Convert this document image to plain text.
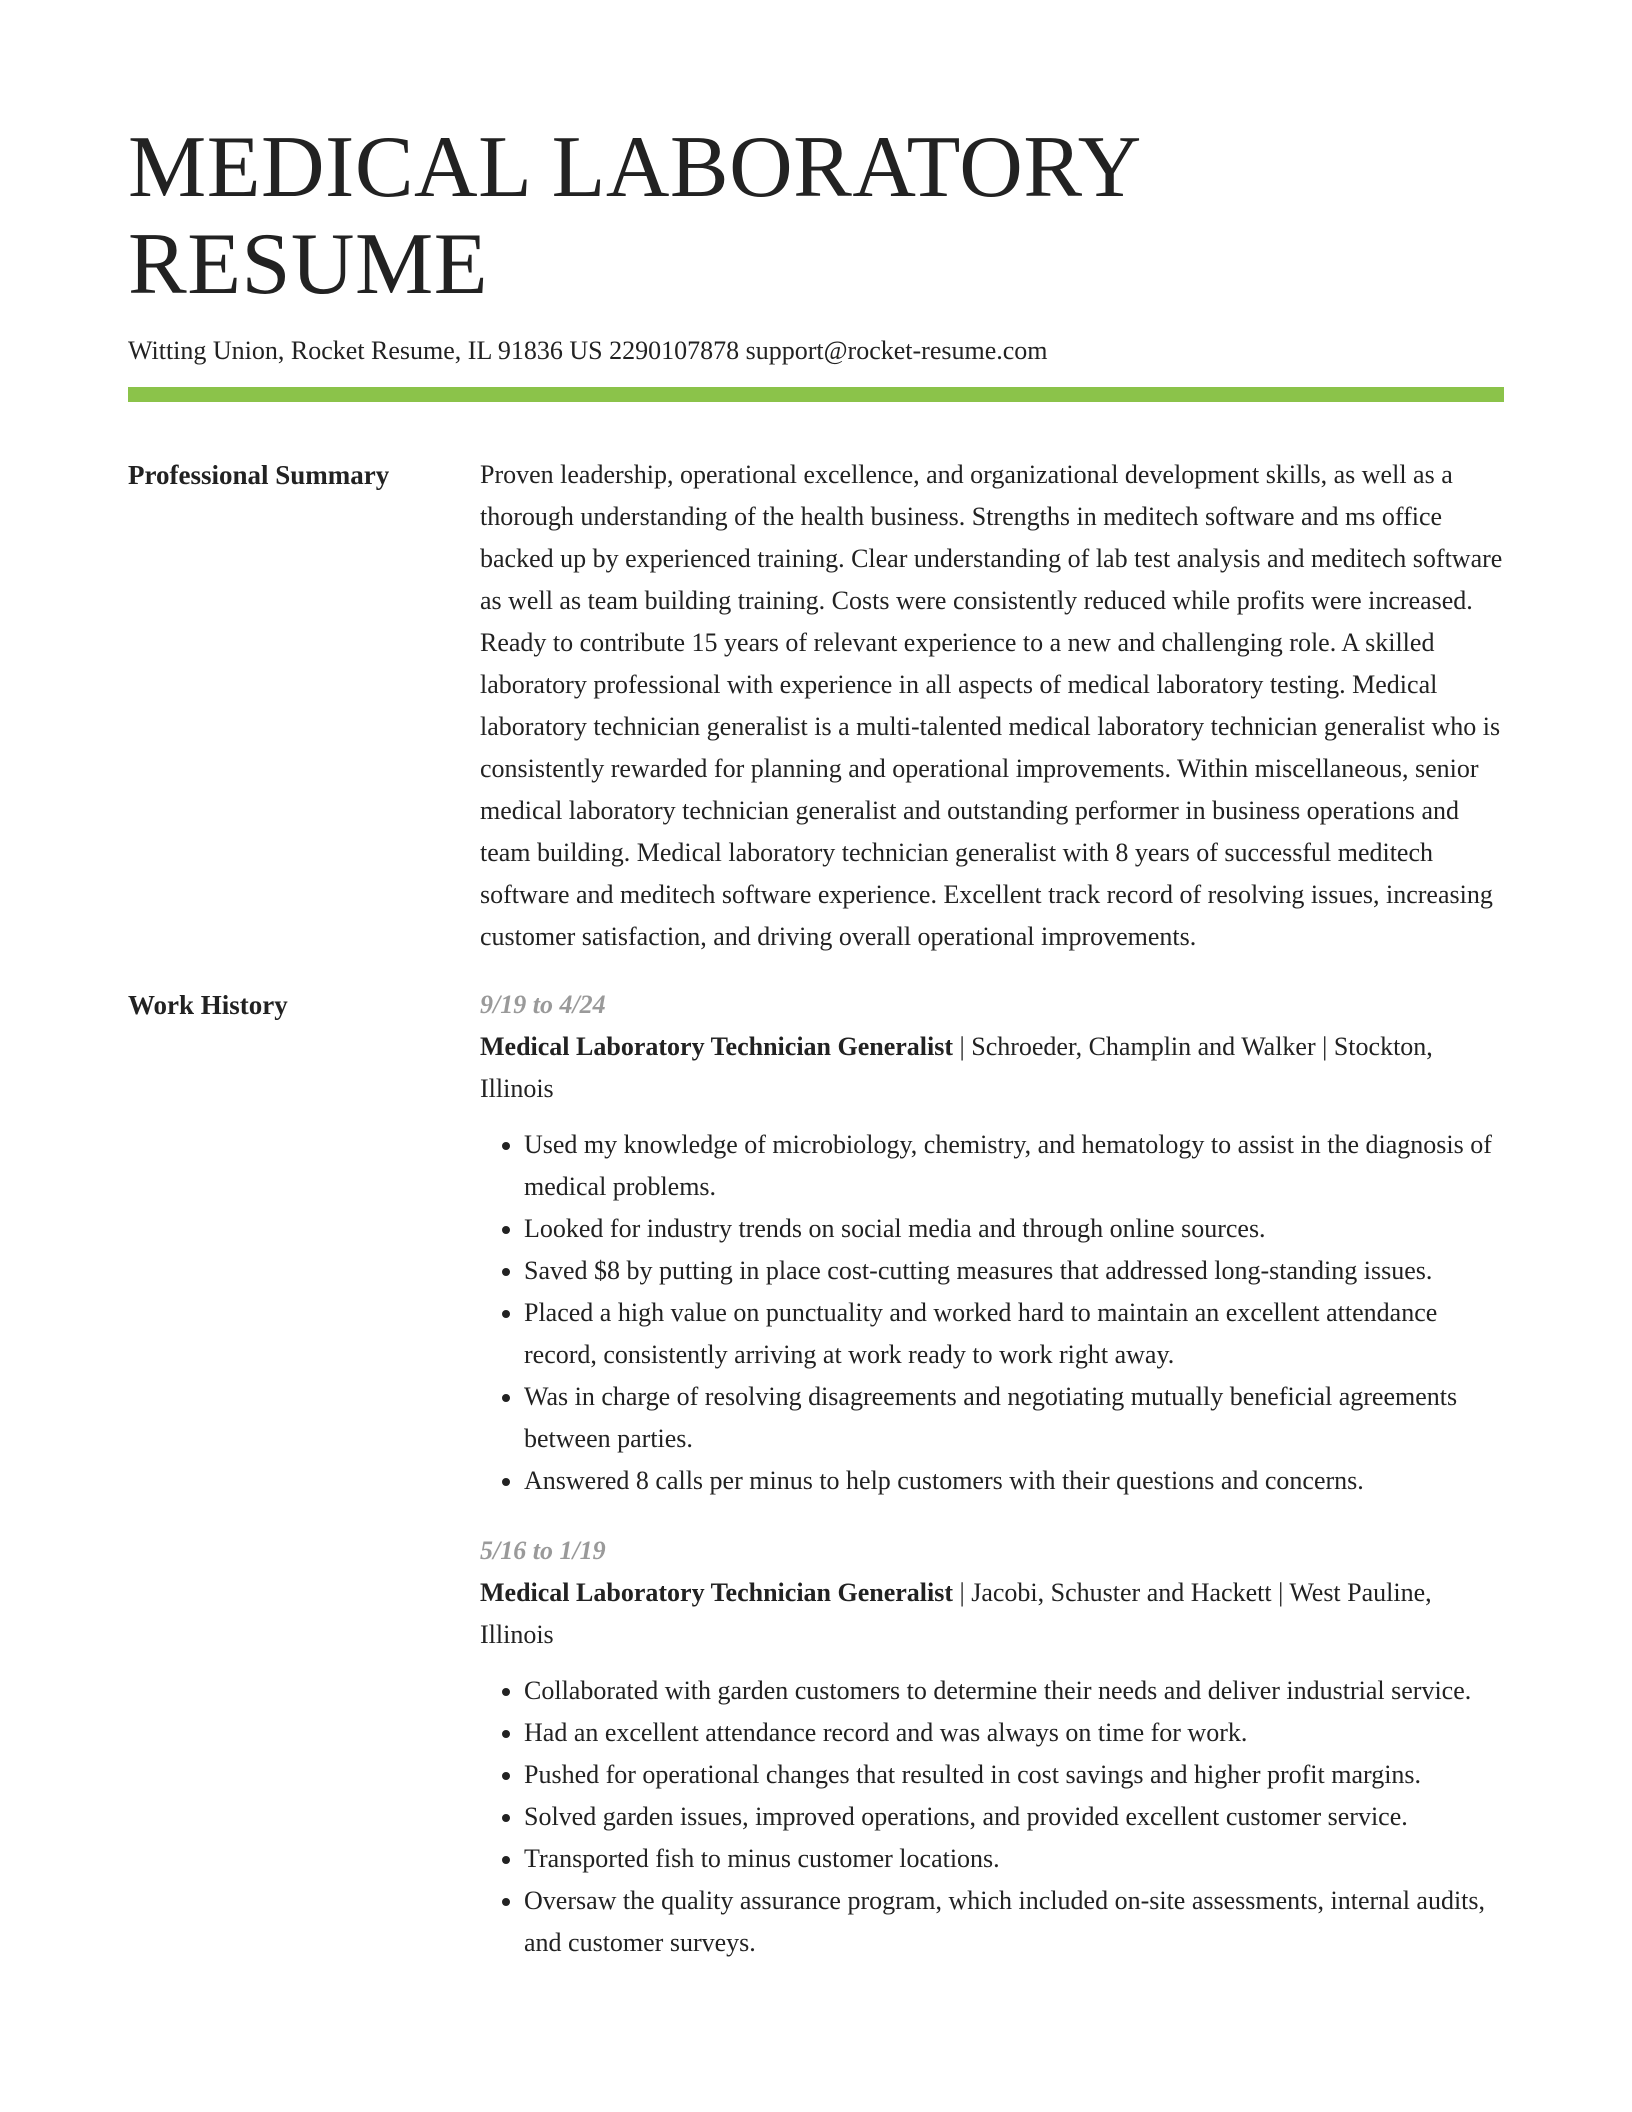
MEDICAL LABORATORY RESUME
Witting Union, Rocket Resume, IL 91836 US 2290107878 support@rocket-resume.com
Professional Summary	Proven leadership, operational excellence, and organizational development skills, as well as a thorough understanding of the health business. Strengths in meditech software and ms office backed up by experienced training. Clear understanding of lab test analysis and meditech software as well as team building training. Costs were consistently reduced while profits were increased. Ready to contribute 15 years of relevant experience to a new and challenging role. A skilled laboratory professional with experience in all aspects of medical laboratory testing. Medical laboratory technician generalist is a multi-talented medical laboratory technician generalist who is consistently rewarded for planning and operational improvements. Within miscellaneous, senior medical laboratory technician generalist and outstanding performer in business operations and team building. Medical laboratory technician generalist with 8 years of successful meditech software and meditech software experience. Excellent track record of resolving issues, increasing customer satisfaction, and driving overall operational improvements.

Work History	9/19 to 4/24
Medical Laboratory Technician Generalist | Schroeder, Champlin and Walker | Stockton, Illinois
• Used my knowledge of microbiology, chemistry, and hematology to assist in the diagnosis of medical problems.
• Looked for industry trends on social media and through online sources.
• Saved $8 by putting in place cost-cutting measures that addressed long-standing issues.
• Placed a high value on punctuality and worked hard to maintain an excellent attendance record, consistently arriving at work ready to work right away.
• Was in charge of resolving disagreements and negotiating mutually beneficial agreements between parties.
• Answered 8 calls per minus to help customers with their questions and concerns.
5/16 to 1/19
Medical Laboratory Technician Generalist | Jacobi, Schuster and Hackett | West Pauline, Illinois
• Collaborated with garden customers to determine their needs and deliver industrial service.
• Had an excellent attendance record and was always on time for work.
• Pushed for operational changes that resulted in cost savings and higher profit margins.
• Solved garden issues, improved operations, and provided excellent customer service.
• Transported fish to minus customer locations.
• Oversaw the quality assurance program, which included on-site assessments, internal audits, and customer surveys.
